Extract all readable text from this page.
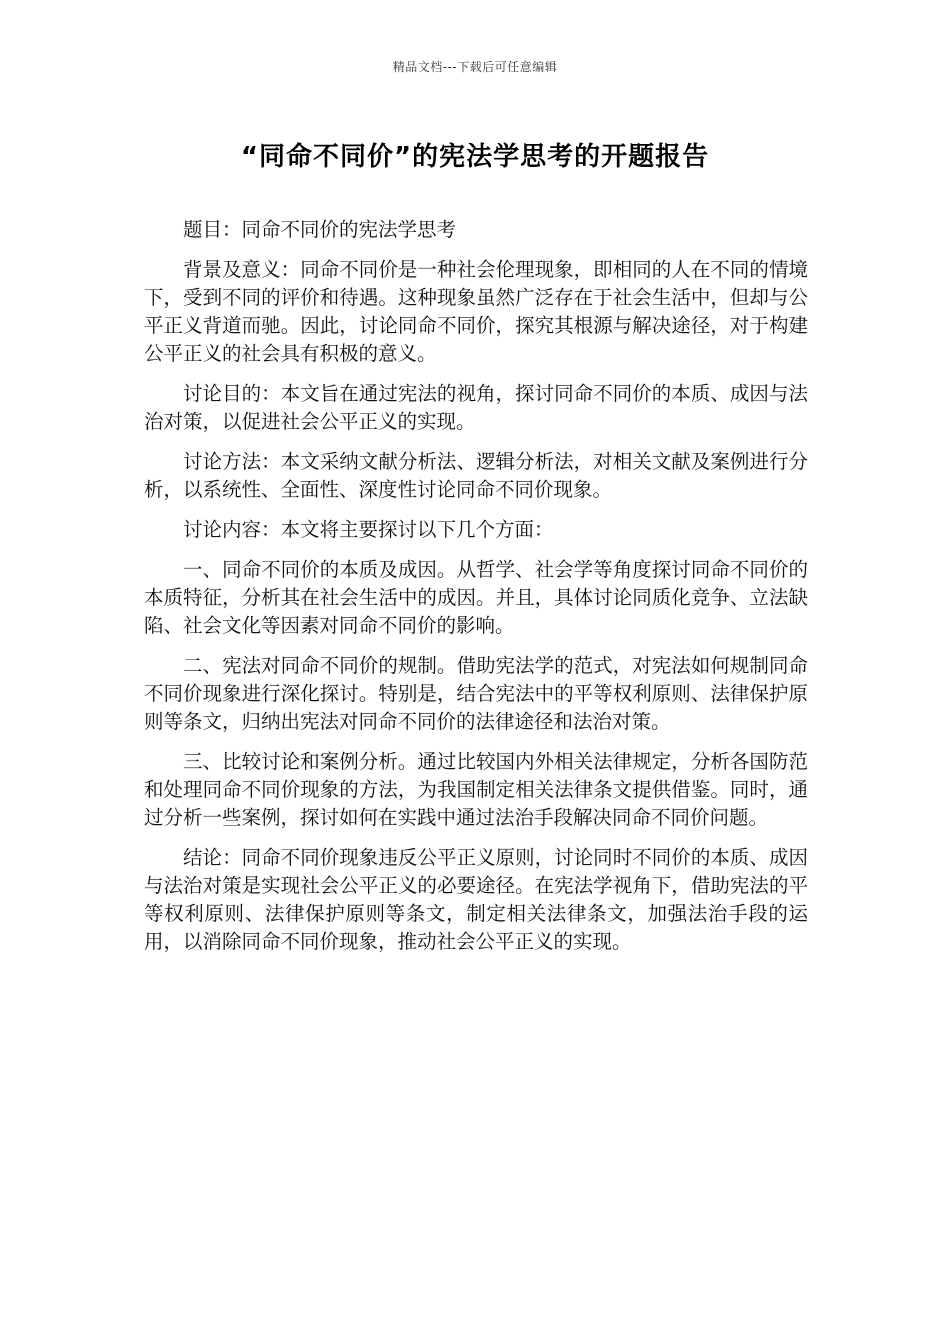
精品文档---下载后可任意编辑
“同命不同价”的宪法学思考的开题报告

题目：同命不同价的宪法学思考

背景及意义：同命不同价是一种社会伦理现象，即相同的人在不同的情境下，受到不同的评价和待遇。这种现象虽然广泛存在于社会生活中，但却与公平正义背道而驰。因此，讨论同命不同价，探究其根源与解决途径，对于构建公平正义的社会具有积极的意义。

讨论目的：本文旨在通过宪法的视角，探讨同命不同价的本质、成因与法治对策，以促进社会公平正义的实现。

讨论方法：本文采纳文献分析法、逻辑分析法，对相关文献及案例进行分析，以系统性、全面性、深度性讨论同命不同价现象。

讨论内容：本文将主要探讨以下几个方面：

一、同命不同价的本质及成因。从哲学、社会学等角度探讨同命不同价的本质特征，分析其在社会生活中的成因。并且，具体讨论同质化竞争、立法缺陷、社会文化等因素对同命不同价的影响。

二、宪法对同命不同价的规制。借助宪法学的范式，对宪法如何规制同命不同价现象进行深化探讨。特别是，结合宪法中的平等权利原则、法律保护原则等条文，归纳出宪法对同命不同价的法律途径和法治对策。

三、比较讨论和案例分析。通过比较国内外相关法律规定，分析各国防范和处理同命不同价现象的方法，为我国制定相关法律条文提供借鉴。同时，通过分析一些案例，探讨如何在实践中通过法治手段解决同命不同价问题。

结论：同命不同价现象违反公平正义原则，讨论同时不同价的本质、成因与法治对策是实现社会公平正义的必要途径。在宪法学视角下，借助宪法的平等权利原则、法律保护原则等条文，制定相关法律条文，加强法治手段的运用，以消除同命不同价现象，推动社会公平正义的实现。
